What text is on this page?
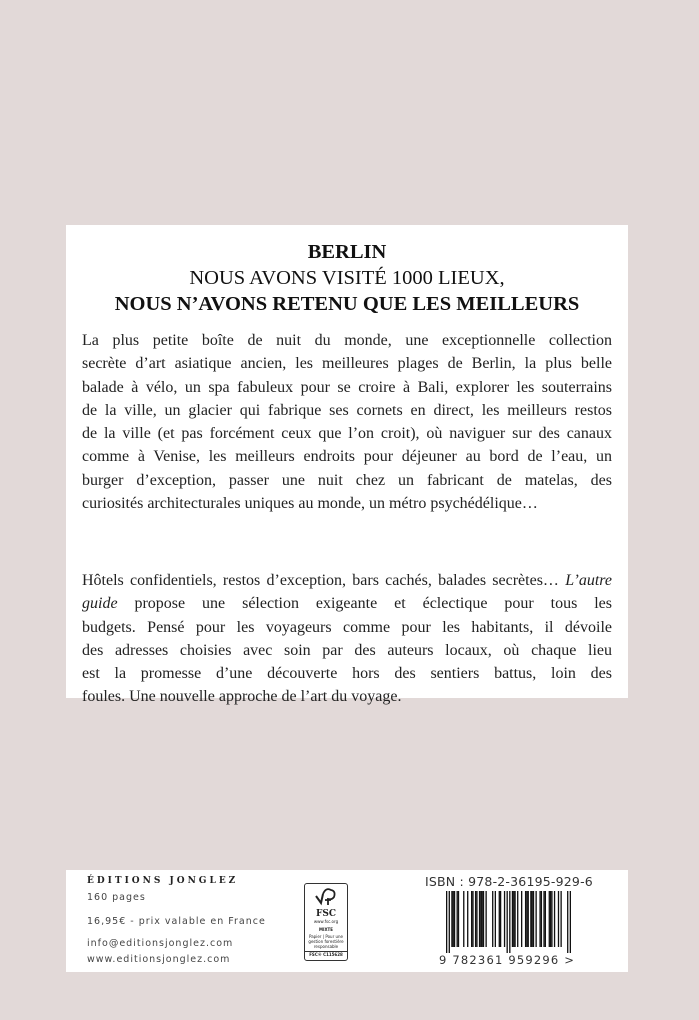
BERLIN
NOUS AVONS VISITÉ 1000 LIEUX,
NOUS N’AVONS RETENU QUE LES MEILLEURS
La plus petite boîte de nuit du monde, une exceptionnelle collection
secrète d’art asiatique ancien, les meilleures plages de Berlin, la plus belle
balade à vélo, un spa fabuleux pour se croire à Bali, explorer les souterrains
de la ville, un glacier qui fabrique ses cornets en direct, les meilleurs restos
de la ville (et pas forcément ceux que l’on croit), où naviguer sur des canaux
comme à Venise, les meilleurs endroits pour déjeuner au bord de l’eau, un
burger d’exception, passer une nuit chez un fabricant de matelas, des
curiosités architecturales uniques au monde, un métro psychédélique…
Hôtels confidentiels, restos d’exception, bars cachés, balades secrètes… L’autre
guide propose une sélection exigeante et éclectique pour tous les
budgets. Pensé pour les voyageurs comme pour les habitants, il dévoile
des adresses choisies avec soin par des auteurs locaux, où chaque lieu
est la promesse d’une découverte hors des sentiers battus, loin des
foules. Une nouvelle approche de l’art du voyage.
ÉDITIONS JONGLEZ
160 pages
16,95€ - prix valable en France
info@editionsjonglez.com
www.editionsjonglez.com
FSC
www.fsc.org
MIXTE
Papier | Pour une gestion forestière responsable
FSC® C115628
ISBN : 978-2-36195-929-6
9 782361 959296 >
